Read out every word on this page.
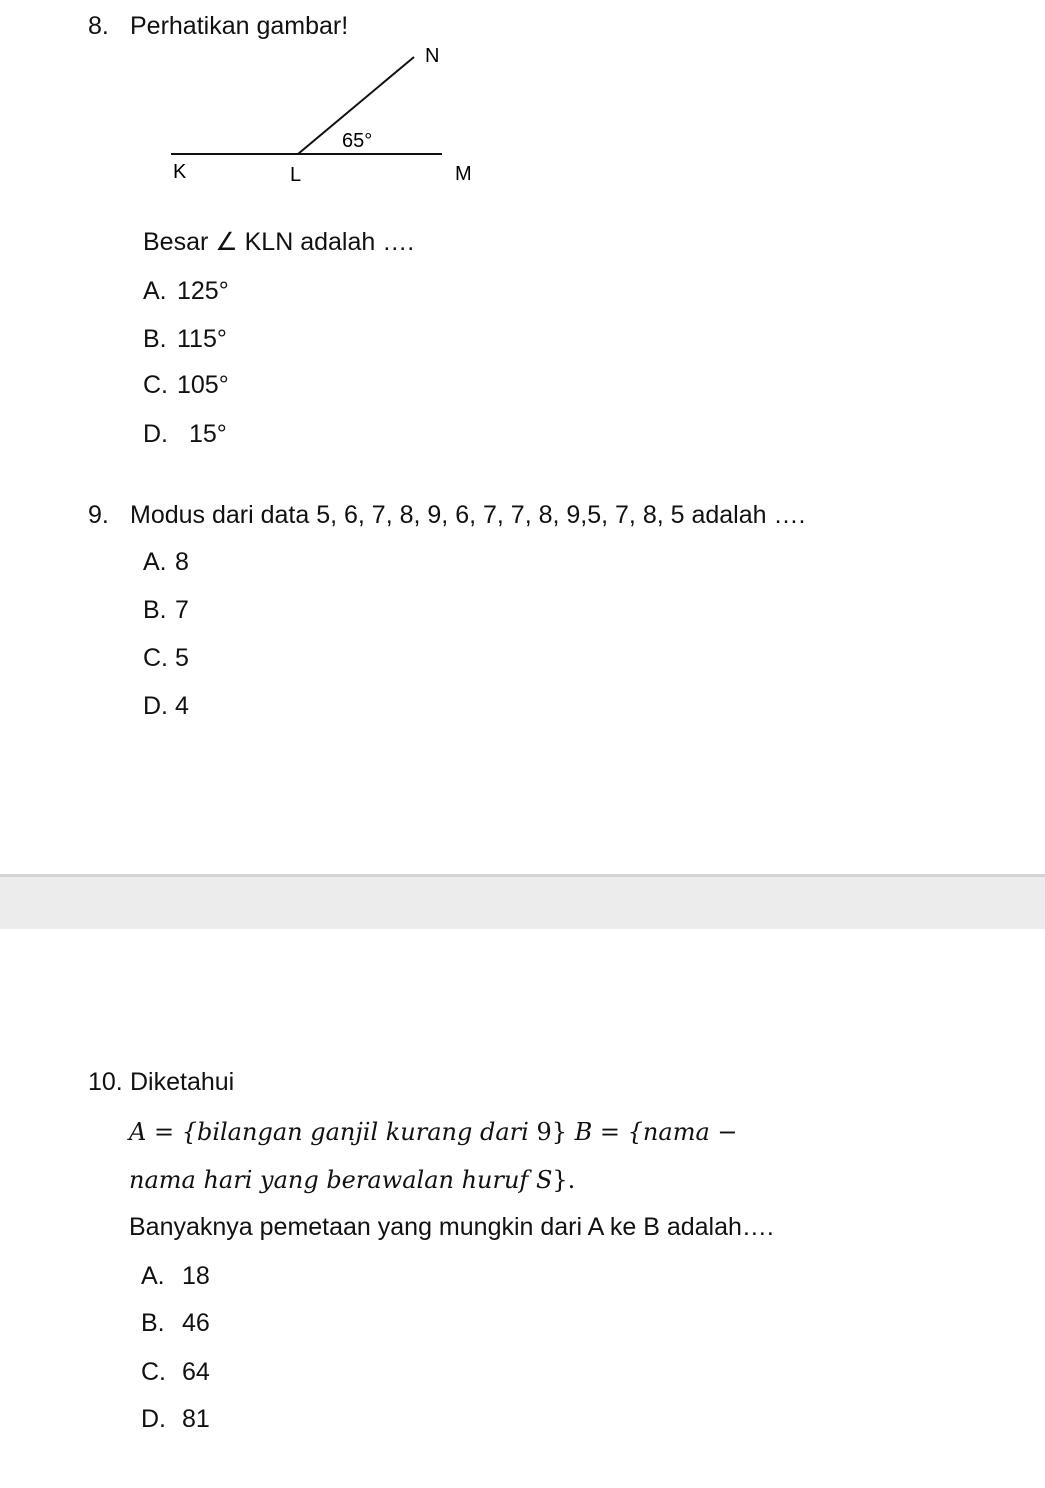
8. Perhatikan gambar!
N
65°
K	L	M
Besar ∠ KLN adalah ….
A. 125°
B. 115°
C. 105°
D. 15°
9. Modus dari data 5, 6, 7, 8, 9, 6, 7, 7, 8, 9,5, 7, 8, 5 adalah ….
A. 8
B. 7
C. 5
D. 4
10. Diketahui
A = {bilangan ganjil kurang dari 9} B = {nama −
nama hari yang berawalan huruf S}.
Banyaknya pemetaan yang mungkin dari A ke B adalah….
A. 18
B. 46
C. 64
D. 81
